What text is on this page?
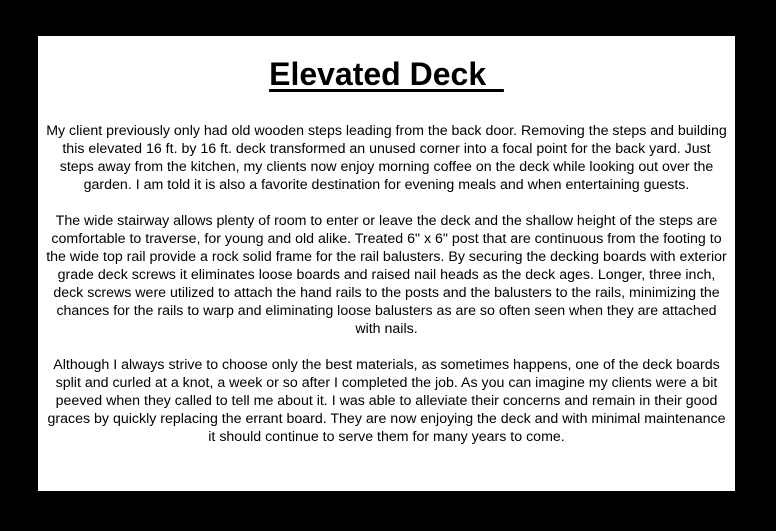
Elevated Deck

My client previously only had old wooden steps leading from the back door. Removing the steps and building this elevated 16 ft. by 16 ft. deck transformed an unused corner into a focal point for the back yard. Just steps away from the kitchen, my clients now enjoy morning coffee on the deck while looking out over the garden. I am told it is also a favorite destination for evening meals and when entertaining guests.

The wide stairway allows plenty of room to enter or leave the deck and the shallow height of the steps are comfortable to traverse, for young and old alike. Treated 6" x 6" post that are continuous from the footing to the wide top rail provide a rock solid frame for the rail balusters. By securing the decking boards with exterior grade deck screws it eliminates loose boards and raised nail heads as the deck ages. Longer, three inch, deck screws were utilized to attach the hand rails to the posts and the balusters to the rails, minimizing the chances for the rails to warp and eliminating loose balusters as are so often seen when they are attached with nails.

Although I always strive to choose only the best materials, as sometimes happens, one of the deck boards split and curled at a knot, a week or so after I completed the job. As you can imagine my clients were a bit peeved when they called to tell me about it. I was able to alleviate their concerns and remain in their good graces by quickly replacing the errant board. They are now enjoying the deck and with minimal maintenance it should continue to serve them for many years to come.
